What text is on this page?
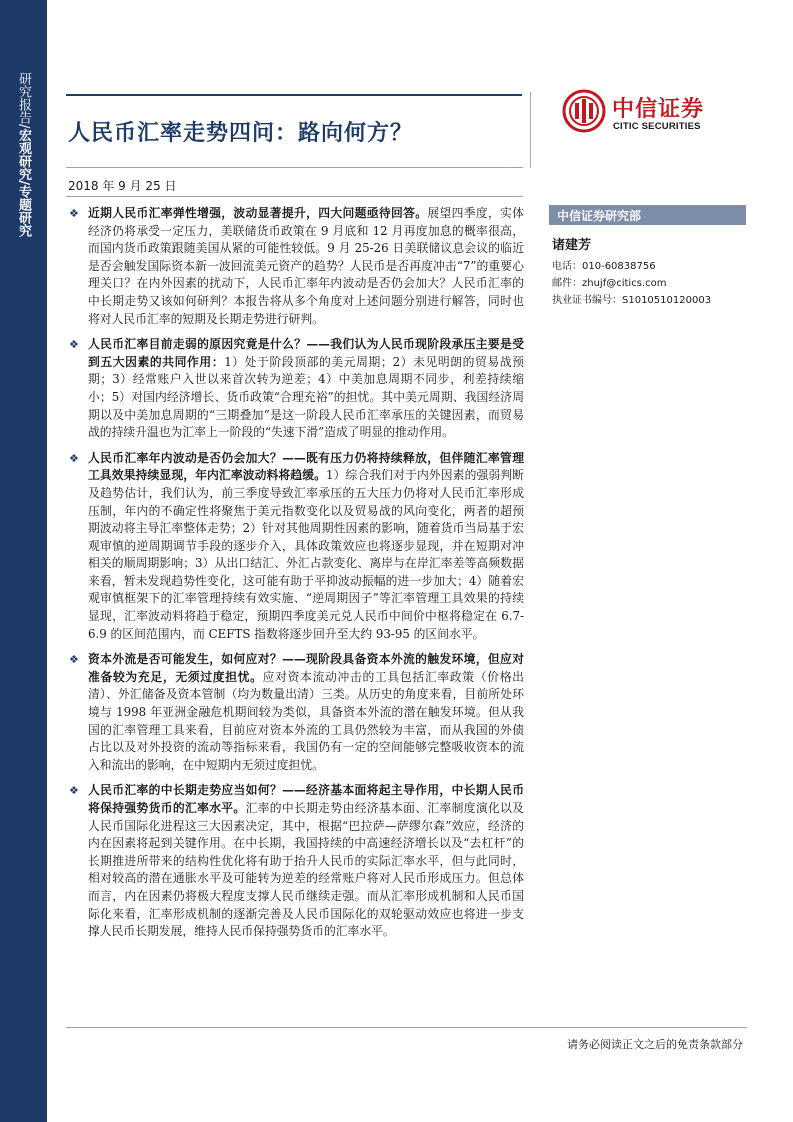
研究报告/宏观研究/专题研究 人民币汇率走势四问：路向何方？
中信证券
CITIC SECURITIES
2018 年 9 月 25 日
❖ 近期人民币汇率弹性增强，波动显著提升，四大问题亟待回答。展望四季度，实体经济仍将承受一定压力，美联储货币政策在 9 月底和 12 月再度加息的概率很高，而国内货币政策跟随美国从紧的可能性较低。9 月 25-26 日美联储议息会议的临近是否会触发国际资本新一波回流美元资产的趋势？人民币是否再度冲击“7”的重要心理关口？在内外因素的扰动下，人民币汇率年内波动是否仍会加大？人民币汇率的中长期走势又该如何研判？本报告将从多个角度对上述问题分别进行解答，同时也将对人民币汇率的短期及长期走势进行研判。
❖ 人民币汇率目前走弱的原因究竟是什么？——我们认为人民币现阶段承压主要是受到五大因素的共同作用：1）处于阶段顶部的美元周期；2）未见明朗的贸易战预期；3）经常账户入世以来首次转为逆差；4）中美加息周期不同步，利差持续缩小；5）对国内经济增长、货币政策“合理充裕”的担忧。其中美元周期、我国经济周期以及中美加息周期的“三期叠加”是这一阶段人民币汇率承压的关键因素，而贸易战的持续升温也为汇率上一阶段的“失速下滑”造成了明显的推动作用。
❖ 人民币汇率年内波动是否仍会加大？——既有压力仍将持续释放，但伴随汇率管理工具效果持续显现，年内汇率波动料将趋缓。1）综合我们对于内外因素的强弱判断及趋势估计，我们认为，前三季度导致汇率承压的五大压力仍将对人民币汇率形成压制，年内的不确定性将聚焦于美元指数变化以及贸易战的风向变化，两者的超预期波动将主导汇率整体走势；2）针对其他周期性因素的影响，随着货币当局基于宏观审慎的逆周期调节手段的逐步介入，具体政策效应也将逐步显现，并在短期对冲相关的顺周期影响；3）从出口结汇、外汇占款变化、离岸与在岸汇率差等高频数据来看，暂未发现趋势性变化，这可能有助于平抑波动振幅的进一步加大；4）随着宏观审慎框架下的汇率管理持续有效实施、“逆周期因子”等汇率管理工具效果的持续显现，汇率波动料将趋于稳定，预期四季度美元兑人民币中间价中枢将稳定在 6.7-6.9 的区间范围内，而 CEFTS 指数将逐步回升至大约 93-95 的区间水平。
❖ 资本外流是否可能发生，如何应对？——现阶段具备资本外流的触发环境，但应对准备较为充足，无须过度担忧。应对资本流动冲击的工具包括汇率政策（价格出清）、外汇储备及资本管制（均为数量出清）三类。从历史的角度来看，目前所处环境与 1998 年亚洲金融危机期间较为类似，具备资本外流的潜在触发环境。但从我国的汇率管理工具来看，目前应对资本外流的工具仍然较为丰富，而从我国的外债占比以及对外投资的流动等指标来看，我国仍有一定的空间能够完整吸收资本的流入和流出的影响，在中短期内无须过度担忧。
❖ 人民币汇率的中长期走势应当如何？——经济基本面将起主导作用，中长期人民币将保持强势货币的汇率水平。汇率的中长期走势由经济基本面、汇率制度演化以及人民币国际化进程这三大因素决定，其中，根据“巴拉萨—萨缪尔森”效应，经济的内在因素将起到关键作用。在中长期，我国持续的中高速经济增长以及“去杠杆”的长期推进所带来的结构性优化将有助于抬升人民币的实际汇率水平，但与此同时，相对较高的潜在通胀水平及可能转为逆差的经常账户将对人民币形成压力。但总体而言，内在因素仍将极大程度支撑人民币继续走强。而从汇率形成机制和人民币国际化来看，汇率形成机制的逐渐完善及人民币国际化的双轮驱动效应也将进一步支撑人民币长期发展，维持人民币保持强势货币的汇率水平。
中信证券研究部
诸建芳
电话：010-60838756
邮件：zhujf@citics.com
执业证书编号：S1010510120003
请务必阅读正文之后的免责条款部分
